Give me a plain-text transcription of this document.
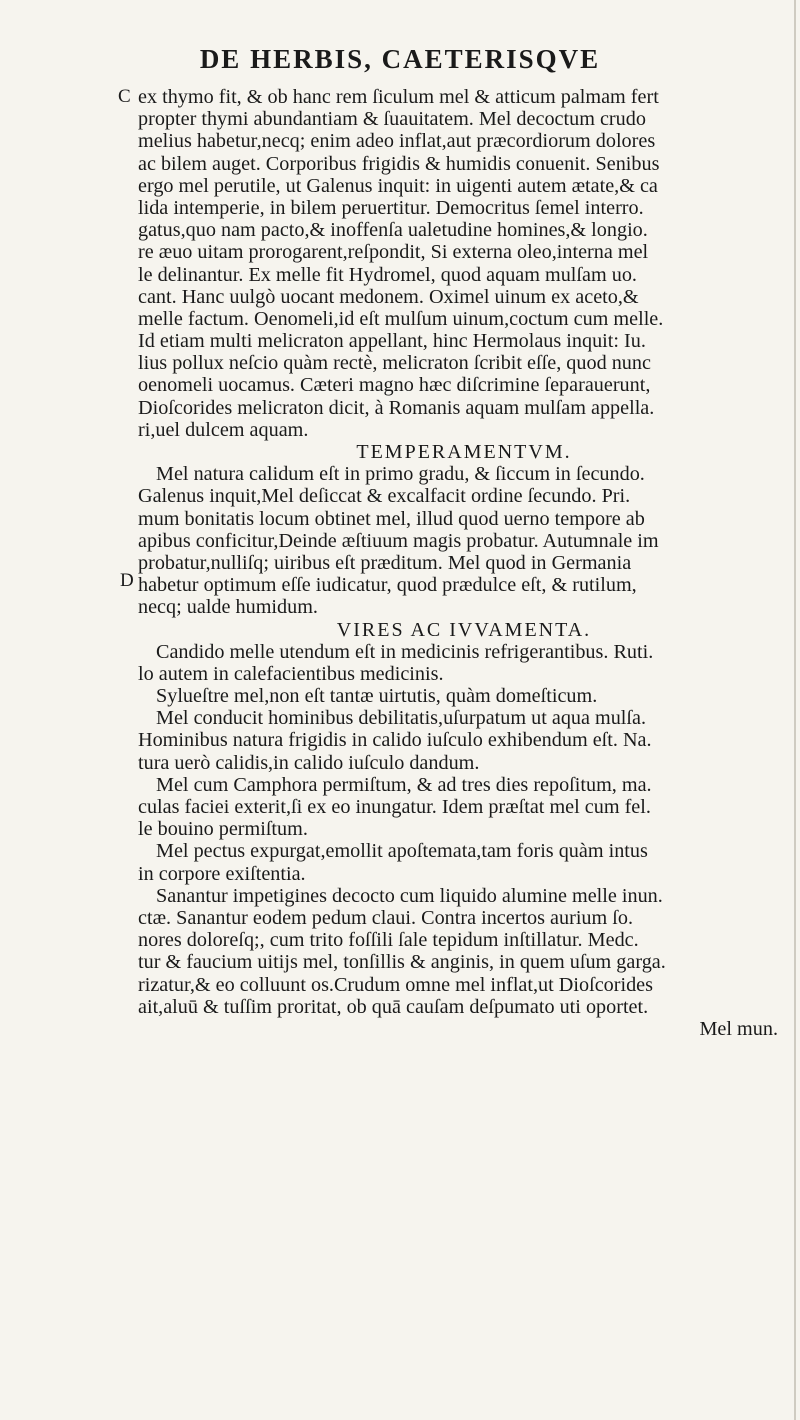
DE HERBIS, CAETERISQVE
C
D
ex thymo fit, & ob hanc rem ſiculum mel & atticum palmam fert
propter thymi abundantiam & ſuauitatem. Mel decoctum crudo
melius habetur,necq; enim adeo inflat,aut præcordiorum dolores
ac bilem auget. Corporibus frigidis & humidis conuenit. Senibus
ergo mel perutile, ut Galenus inquit: in uigenti autem ætate,& ca
lida intemperie, in bilem peruertitur. Democritus ſemel interro.
gatus,quo nam pacto,& inoffenſa ualetudine homines,& longio.
re æuo uitam prorogarent,reſpondit, Si externa oleo,interna mel
le delinantur. Ex melle fit Hydromel, quod aquam mulſam uo.
cant. Hanc uulgò uocant medonem. Oximel uinum ex aceto,&
melle factum. Oenomeli,id eſt mulſum uinum,coctum cum melle.
Id etiam multi melicraton appellant, hinc Hermolaus inquit: Iu.
lius pollux neſcio quàm rectè, melicraton ſcribit eſſe, quod nunc
oenomeli uocamus. Cæteri magno hæc diſcrimine ſeparauerunt,
Dioſcorides melicraton dicit, à Romanis aquam mulſam appella.
ri,uel dulcem aquam.
TEMPERAMENTVM.
Mel natura calidum eſt in primo gradu, & ſiccum in ſecundo.
Galenus inquit,Mel deſiccat & excalfacit ordine ſecundo. Pri.
mum bonitatis locum obtinet mel, illud quod uerno tempore ab
apibus conficitur,Deinde æſtiuum magis probatur. Autumnale im
probatur,nulliſq; uiribus eſt præditum. Mel quod in Germania
habetur optimum eſſe iudicatur, quod prædulce eſt, & rutilum,
necq; ualde humidum.
VIRES AC IVVAMENTA.
Candido melle utendum eſt in medicinis refrigerantibus. Ruti.
lo autem in calefacientibus medicinis.
Sylueſtre mel,non eſt tantæ uirtutis, quàm domeſticum.
Mel conducit hominibus debilitatis,uſurpatum ut aqua mulſa.
Hominibus natura frigidis in calido iuſculo exhibendum eſt. Na.
tura uerò calidis,in calido iuſculo dandum.
Mel cum Camphora permiſtum, & ad tres dies repoſitum, ma.
culas faciei exterit,ſi ex eo inungatur. Idem præſtat mel cum fel.
le bouino permiſtum.
Mel pectus expurgat,emollit apoſtemata,tam foris quàm intus
in corpore exiſtentia.
Sanantur impetigines decocto cum liquido alumine melle inun.
ctæ. Sanantur eodem pedum claui. Contra incertos aurium ſo.
nores doloreſq;, cum trito foſſili ſale tepidum inſtillatur. Medc.
tur & faucium uitijs mel, tonſillis & anginis, in quem uſum garga.
rizatur,& eo colluunt os.Crudum omne mel inflat,ut Dioſcorides
ait,aluū & tuſſim proritat, ob quā cauſam deſpumato uti oportet.
Mel mun.
